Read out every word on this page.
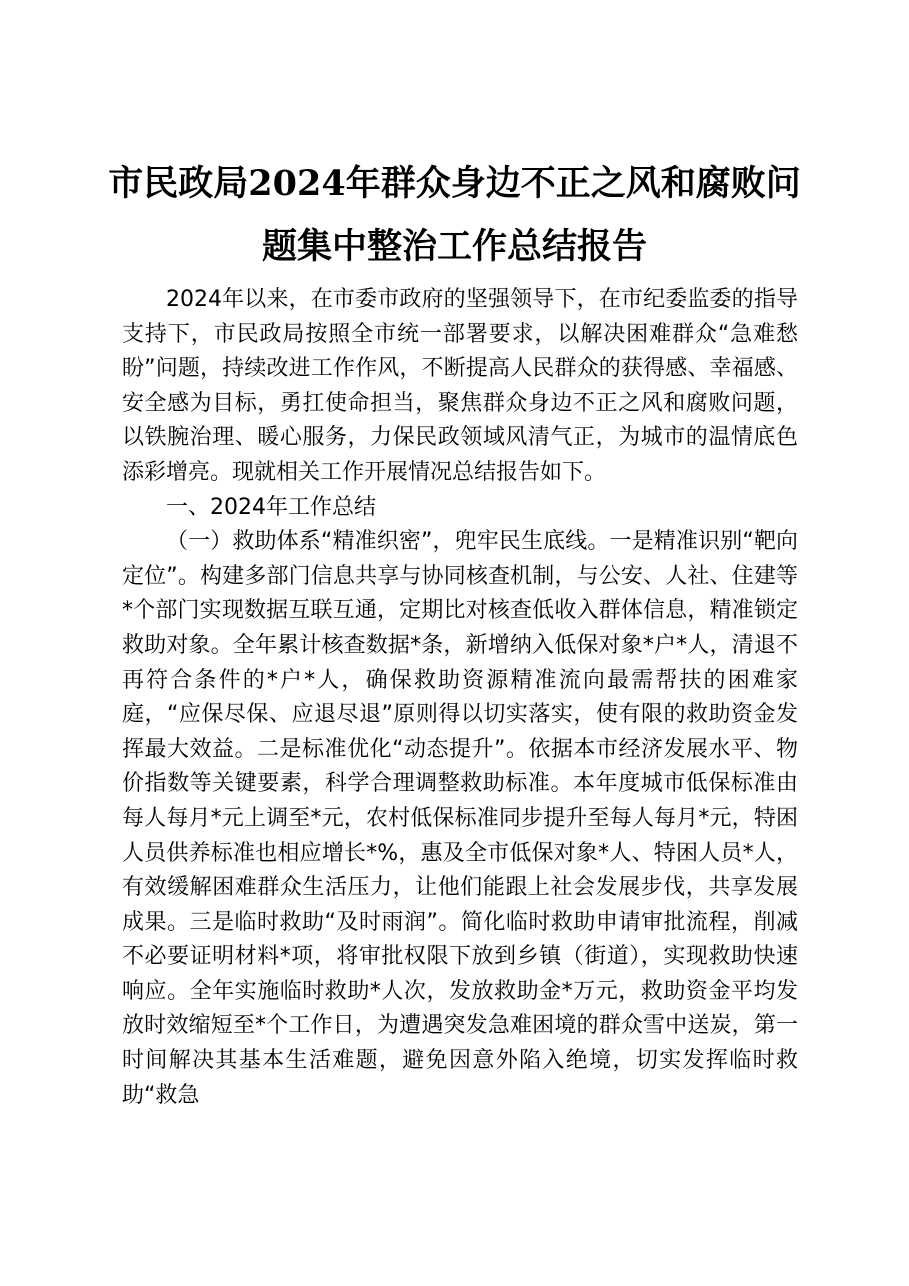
市民政局2024年群众身边不正之风和腐败问
题集中整治工作总结报告

2024年以来，在市委市政府的坚强领导下，在市纪委监委的指导支持下，市民政局按照全市统一部署要求，以解决困难群众“急难愁盼”问题，持续改进工作作风，不断提高人民群众的获得感、幸福感、安全感为目标，勇扛使命担当，聚焦群众身边不正之风和腐败问题，以铁腕治理、暖心服务，力保民政领域风清气正，为城市的温情底色添彩增亮。现就相关工作开展情况总结报告如下。

一、2024年工作总结

（一）救助体系“精准织密”，兜牢民生底线。一是精准识别“靶向定位”。构建多部门信息共享与协同核查机制，与公安、人社、住建等*个部门实现数据互联互通，定期比对核查低收入群体信息，精准锁定救助对象。全年累计核查数据*条，新增纳入低保对象*户*人，清退不再符合条件的*户*人，确保救助资源精准流向最需帮扶的困难家庭，“应保尽保、应退尽退”原则得以切实落实，使有限的救助资金发挥最大效益。二是标准优化“动态提升”。依据本市经济发展水平、物价指数等关键要素，科学合理调整救助标准。本年度城市低保标准由每人每月*元上调至*元，农村低保标准同步提升至每人每月*元，特困人员供养标准也相应增长*%，惠及全市低保对象*人、特困人员*人，有效缓解困难群众生活压力，让他们能跟上社会发展步伐，共享发展成果。三是临时救助“及时雨润”。简化临时救助申请审批流程，削减不必要证明材料*项，将审批权限下放到乡镇（街道），实现救助快速响应。全年实施临时救助*人次，发放救助金*万元，救助资金平均发放时效缩短至*个工作日，为遭遇突发急难困境的群众雪中送炭，第一时间解决其基本生活难题，避免因意外陷入绝境，切实发挥临时救助“救急
